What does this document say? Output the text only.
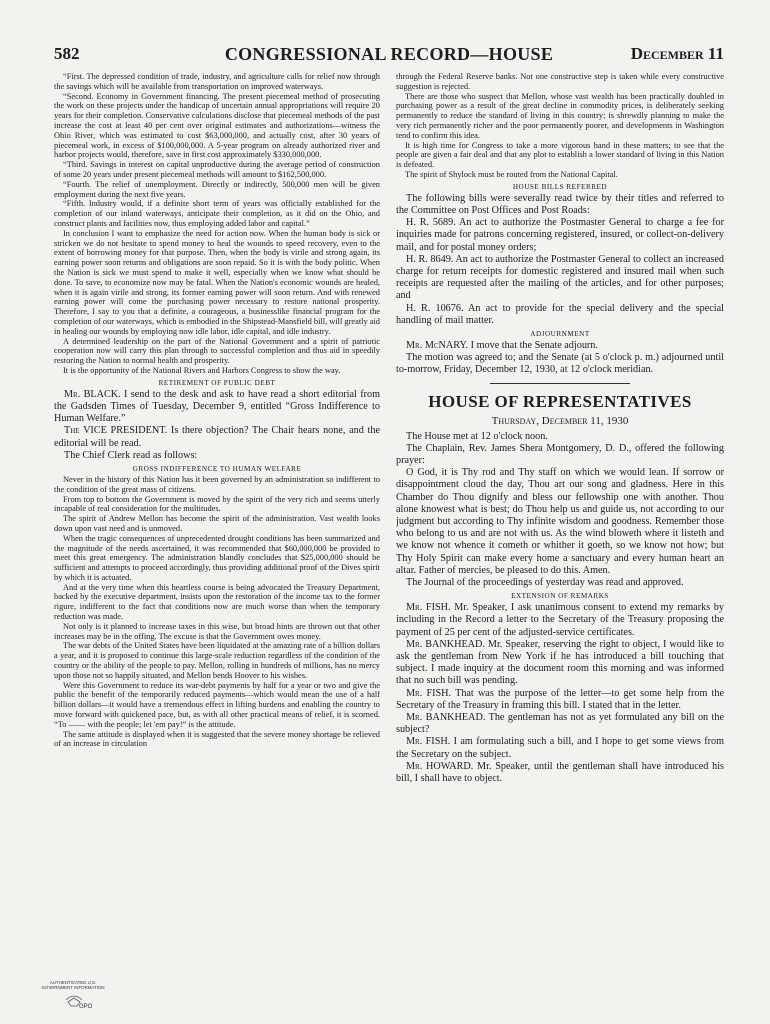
582	CONGRESSIONAL RECORD—HOUSE	December 11

“First. The depressed condition of trade, industry, and agriculture calls for relief now through the savings which will be available from transportation on improved waterways.

“Second. Economy in Government financing. The present piecemeal method of prosecuting the work on these projects under the handicap of uncertain annual appropriations will require 20 years for their completion. Conservative calculations disclose that piecemeal methods of the past increase the cost at least 40 per cent over original estimates and authorizations—witness the Ohio River, which was estimated to cost $63,000,000, and actually cost, after 30 years of piecemeal work, in excess of $100,000,000. A 5-year program on already authorized river and harbor projects would, therefore, save in first cost approximately $330,000,000.

“Third. Savings in interest on capital unproductive during the average period of construction of some 20 years under present piecemeal methods will amount to $162,500,000.

“Fourth. The relief of unemployment. Directly or indirectly, 500,000 men will be given employment during the next five years.

“Fifth. Industry would, if a definite short term of years was officially established for the completion of our inland waterways, anticipate their completion, as it did on the Ohio, and construct plants and facilities now, thus employing added labor and capital.”

In conclusion I want to emphasize the need for action now. When the human body is sick or stricken we do not hesitate to spend money to heal the wounds to speed recovery, even to the extent of borrowing money for that purpose. Then, when the body is virile and strong again, its earning power soon returns and obligations are soon repaid. So it is with the body politic. When the Nation is sick we must spend to make it well, especially when we know what should be done. To save, to economize now may be fatal. When the Nation's economic wounds are healed, when it is again virile and strong, its former earning power will soon return. And with renewed earning power will come the purchasing power necessary to restore national prosperity. Therefore, I say to you that a definite, a courageous, a businesslike financial program for the completion of our waterways, which is embodied in the Shipstead-Mansfield bill, will greatly aid in healing our wounds by employing now idle labor, idle capital, and idle industry.

A determined leadership on the part of the National Government and a spirit of patriotic cooperation now will carry this plan through to successful completion and thus aid in speedily restoring the Nation to normal health and prosperity.

It is the opportunity of the National Rivers and Harbors Congress to show the way.

RETIREMENT OF PUBLIC DEBT

Mr. BLACK. I send to the desk and ask to have read a short editorial from the Gadsden Times of Tuesday, December 9, entitled “Gross Indifference to Human Welfare.”

The VICE PRESIDENT. Is there objection? The Chair hears none, and the editorial will be read.

The Chief Clerk read as follows:

GROSS INDIFFERENCE TO HUMAN WELFARE

Never in the history of this Nation has it been governed by an administration so indifferent to the condition of the great mass of citizens.

From top to bottom the Government is moved by the spirit of the very rich and seems utterly incapable of real consideration for the multitudes.

The spirit of Andrew Mellon has become the spirit of the administration. Vast wealth looks down upon vast need and is unmoved.

When the tragic consequences of unprecedented drought conditions has been summarized and the magnitude of the needs ascertained, it was recommended that $60,000,000 be provided to meet this great emergency. The administration blandly concludes that $25,000,000 should be sufficient and attempts to proceed accordingly, thus providing additional proof of the Dives spirit by which it is actuated.

And at the very time when this heartless course is being advocated the Treasury Department, backed by the executive department, insists upon the restoration of the income tax to the former rigure, indifferent to the fact that conditions now are much worse than when the temporary reduction was made.

Not only is it planned to increase taxes in this wise, but broad hints are thrown out that other increases may be in the offing. The excuse is that the Government owes money.

The war debts of the United States have been liquidated at the amazing rate of a billion dollars a year, and it is proposed to continue this large-scale reduction regardless of the condition of the country or the ability of the people to pay. Mellon, rolling in hundreds of millions, has no mercy upon those not so happily situated, and Mellon bends Hoover to his wishes.

Were this Government to reduce its war-debt payments by half for a year or two and give the public the benefit of the temporarily reduced payments—which would mean the use of a half billion dollars—it would have a tremendous effect in lifting burdens and enabling the country to move forward with quickened pace, but, as with all other practical means of relief, it is scorned. “To —— with the people; let 'em pay!” is the attitude.

The same attitude is displayed when it is suggested that the severe money shortage be relieved of an increase in circulation

through the Federal Reserve banks. Not one constructive step is taken while every constructive suggestion is rejected.

There are those who suspect that Mellon, whose vast wealth has been practically doubled in purchasing power as a result of the great decline in commodity prices, is deliberately seeking permanently to reduce the standard of living in this country; is shrewdly planning to make the very rich permanently richer and the poor permanently poorer, and developments in Washington tend to confirm this idea.

It is high time for Congress to take a more vigorous hand in these matters; to see that the people are given a fair deal and that any plot to establish a lower standard of living in this Nation is defeated.

The spirit of Shylock must be routed from the National Capital.

HOUSE BILLS REFERRED

The following bills were severally read twice by their titles and referred to the Committee on Post Offices and Post Roads:

H. R. 5689. An act to authorize the Postmaster General to charge a fee for inquiries made for patrons concerning registered, insured, or collect-on-delivery mail, and for postal money orders;

H. R. 8649. An act to authorize the Postmaster General to collect an increased charge for return receipts for domestic registered and insured mail when such receipts are requested after the mailing of the articles, and for other purposes; and

H. R. 10676. An act to provide for the special delivery and the special handling of mail matter.

ADJOURNMENT

Mr. McNARY. I move that the Senate adjourn.

The motion was agreed to; and the Senate (at 5 o'clock p. m.) adjourned until to-morrow, Friday, December 12, 1930, at 12 o'clock meridian.

HOUSE OF REPRESENTATIVES
Thursday, December 11, 1930

The House met at 12 o'clock noon.

The Chaplain, Rev. James Shera Montgomery, D. D., offered the following prayer:

O God, it is Thy rod and Thy staff on which we would lean. If sorrow or disappointment cloud the day, Thou art our song and gladness. Here in this Chamber do Thou dignify and bless our fellowship one with another. Thou alone knowest what is best; do Thou help us and guide us, not according to our judgment but according to Thy infinite wisdom and goodness. Remember those who belong to us and are not with us. As the wind bloweth where it listeth and we know not whence it cometh or whither it goeth, so we know not how; but Thy Holy Spirit can make every home a sanctuary and every human heart an altar. Father of mercies, be pleased to do this. Amen.

The Journal of the proceedings of yesterday was read and approved.

EXTENSION OF REMARKS

Mr. FISH. Mr. Speaker, I ask unanimous consent to extend my remarks by including in the Record a letter to the Secretary of the Treasury proposing the payment of 25 per cent of the adjusted-service certificates.

Mr. BANKHEAD. Mr. Speaker, reserving the right to object, I would like to ask the gentleman from New York if he has introduced a bill touching that subject. I made inquiry at the document room this morning and was informed that no such bill was pending.

Mr. FISH. That was the purpose of the letter—to get some help from the Secretary of the Treasury in framing this bill. I stated that in the letter.

Mr. BANKHEAD. The gentleman has not as yet formulated any bill on the subject?

Mr. FISH. I am formulating such a bill, and I hope to get some views from the Secretary on the subject.

Mr. HOWARD. Mr. Speaker, until the gentleman shall have introduced his bill, I shall have to object.

AUTHENTICATED U.S. GOVERNMENT INFORMATION
GPO
